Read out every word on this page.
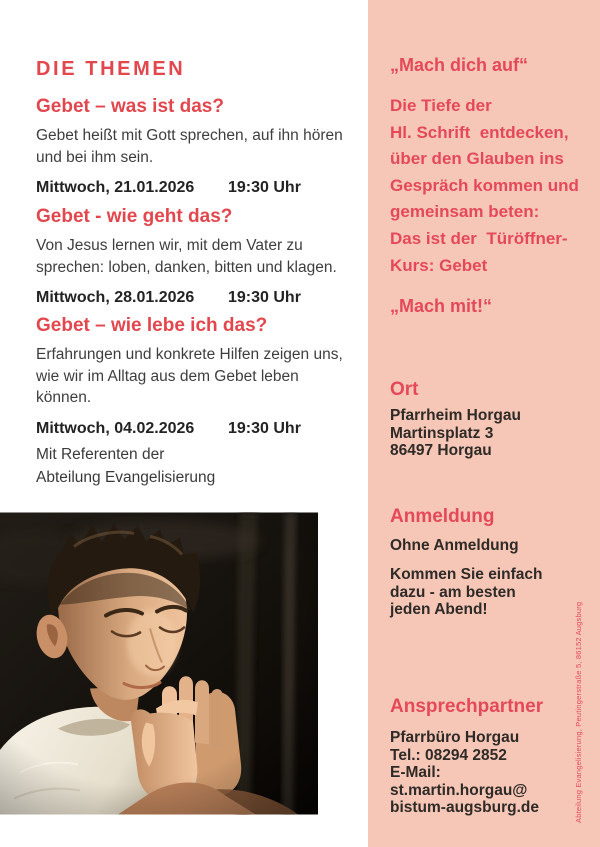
„Mach dich auf“
Die Tiefe der
Hl. Schrift  entdecken,
über den Glauben ins
Gespräch kommen und
gemeinsam beten:
Das ist der  Türöffner-
Kurs: Gebet
„Mach mit!“
Ort
Pfarrheim Horgau
Martinsplatz 3
86497 Horgau
Anmeldung
Ohne Anmeldung
Kommen Sie einfach
dazu - am besten
jeden Abend!
Ansprechpartner
Pfarrbüro Horgau
Tel.: 08294 2852
E-Mail:
st.martin.horgau@
bistum-augsburg.de	Abteilung Evangelisierung, Peutingerstraße 5, 86152 Augsburg
DIE THEMEN
Gebet – was ist das?
Gebet heißt mit Gott sprechen, auf ihn hören
und bei ihm sein.
Mittwoch, 21.01.2026	19:30 Uhr
Gebet - wie geht das?
Von Jesus lernen wir, mit dem Vater zu
sprechen: loben, danken, bitten und klagen.
Mittwoch, 28.01.2026	19:30 Uhr
Gebet – wie lebe ich das?
Erfahrungen und konkrete Hilfen zeigen uns,
wie wir im Alltag aus dem Gebet leben können.
Mittwoch, 04.02.2026	19:30 Uhr
Mit Referenten der
Abteilung Evangelisierung
